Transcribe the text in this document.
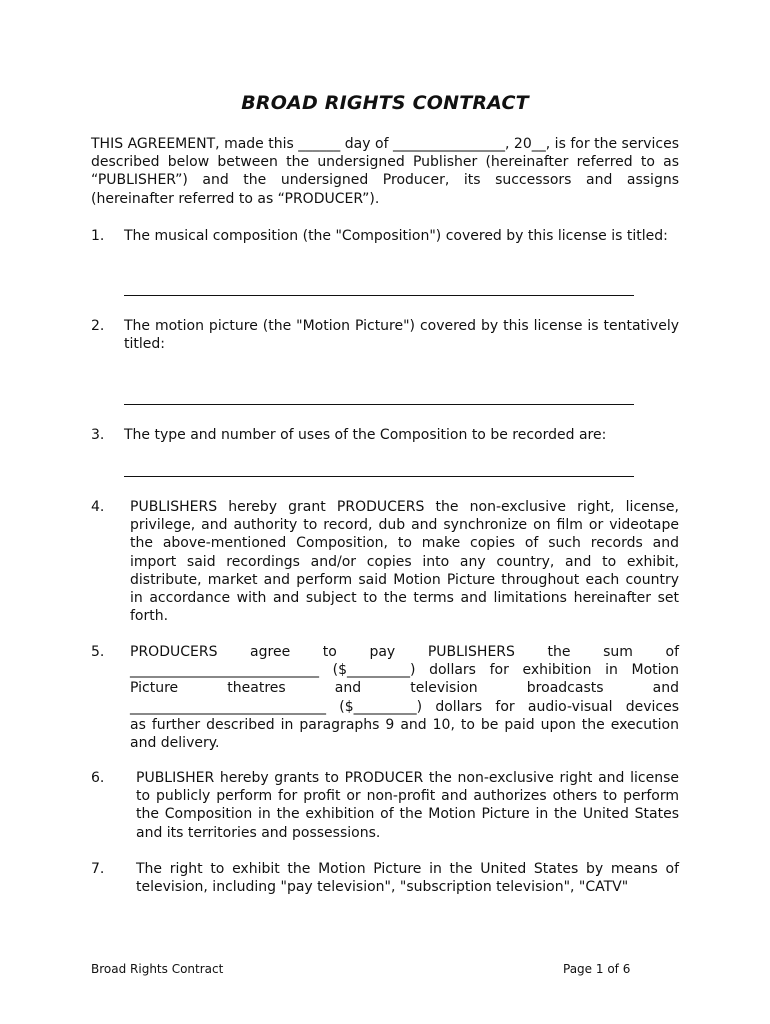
BROAD RIGHTS CONTRACT
THIS AGREEMENT, made this ______ day of ________________, 20__, is for the services described below between the undersigned Publisher (hereinafter referred to as “PUBLISHER”) and the undersigned Producer, its successors and assigns (hereinafter referred to as “PRODUCER”).
1. The musical composition (the "Composition") covered by this license is titled:
2. The motion picture (the "Motion Picture") covered by this license is tentatively
titled:
3. The type and number of uses of the Composition to be recorded are:
4. PUBLISHERS hereby grant PRODUCERS the non-exclusive right, license, privilege, and authority to record, dub and synchronize on film or videotape the above-mentioned Composition, to make copies of such records and import said recordings and/or copies into any country, and to exhibit, distribute, market and perform said Motion Picture throughout each country in accordance with and subject to the terms and limitations hereinafter set forth.
5. PRODUCERS agree to pay PUBLISHERS the sum of
___________________________ ($_________) dollars for exhibition in Motion
Picture theatres and television broadcasts and
____________________________ ($_________) dollars for audio-visual devices
as further described in paragraphs 9 and 10, to be paid upon the execution and delivery.
6. PUBLISHER hereby grants to PRODUCER the non-exclusive right and license to publicly perform for profit or non-profit and authorizes others to perform the Composition in the exhibition of the Motion Picture in the United States and its territories and possessions.
7. The right to exhibit the Motion Picture in the United States by means of television, including "pay television", "subscription television", "CATV"
Broad Rights Contract	Page 1 of 6
